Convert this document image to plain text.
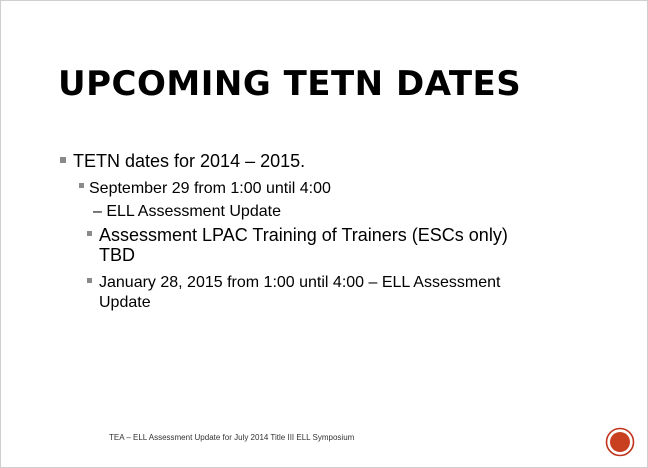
UPCOMING TETN DATES
TETN dates for 2014 – 2015.
September 29 from 1:00 until 4:00
– ELL Assessment Update
Assessment LPAC Training of Trainers (ESCs only)
TBD
January 28, 2015 from 1:00 until 4:00 – ELL Assessment
Update
TEA – ELL Assessment Update for July 2014 Title III ELL Symposium
